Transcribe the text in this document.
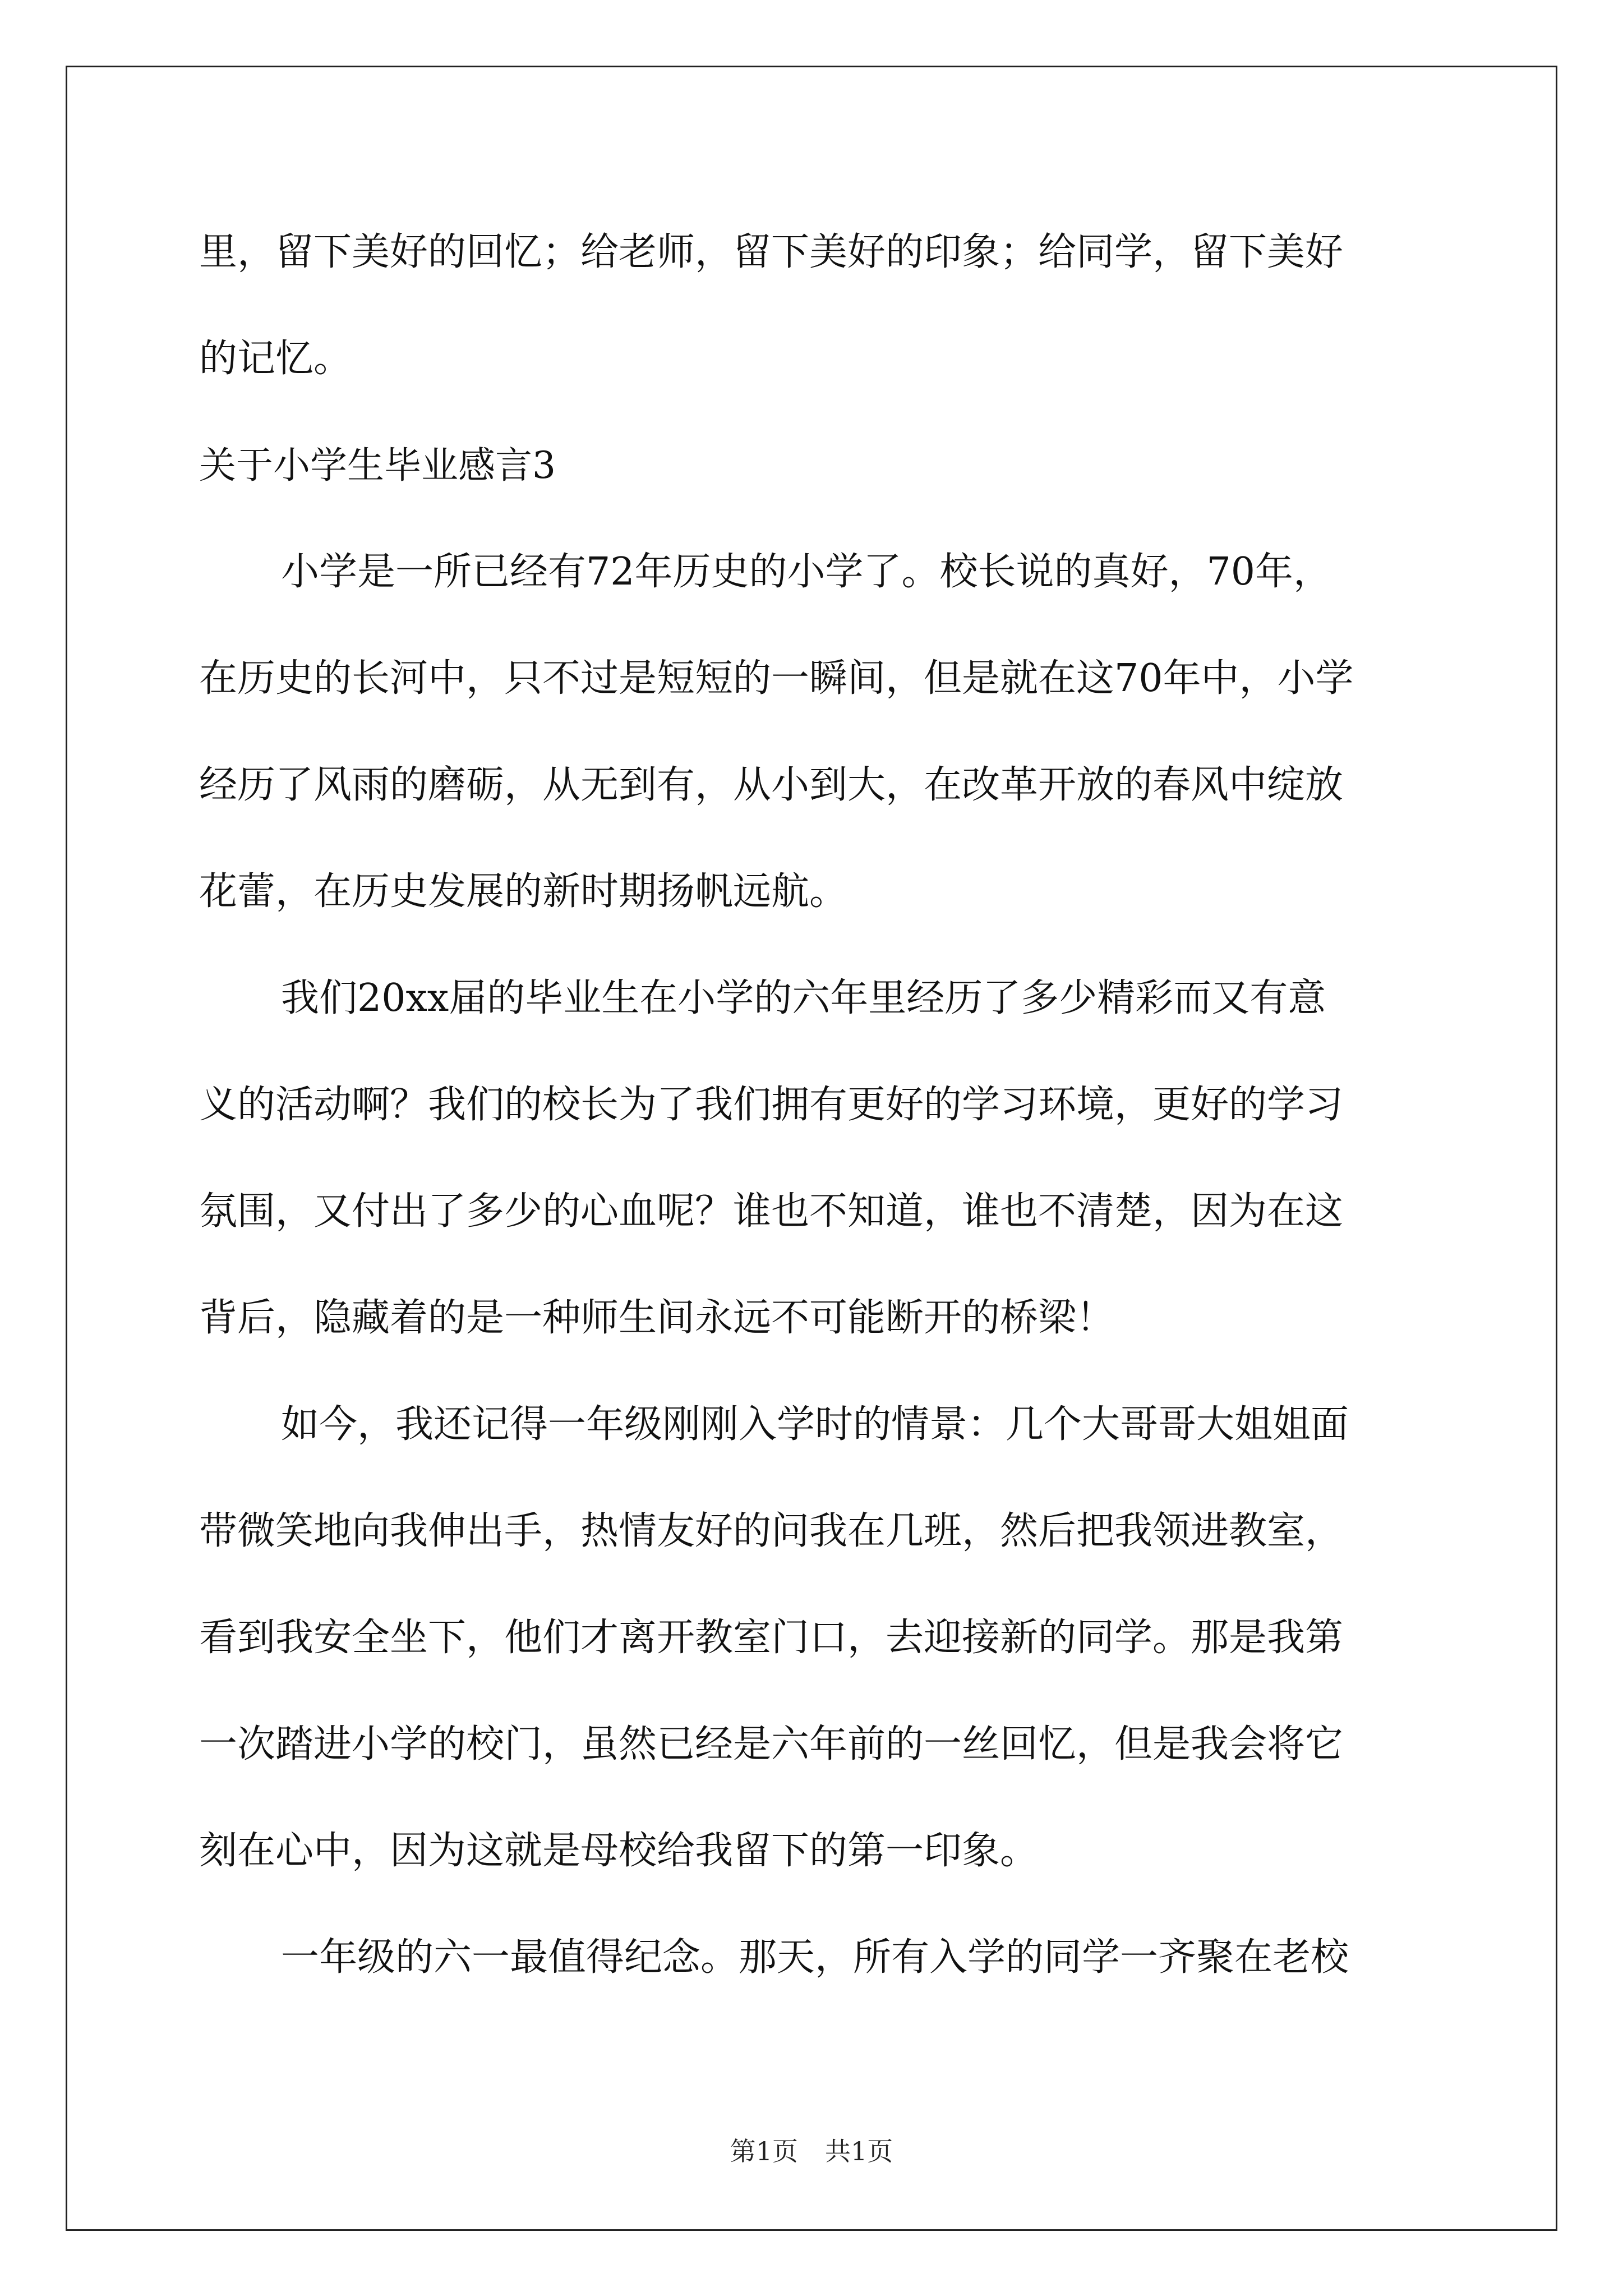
里，留下美好的回忆；给老师，留下美好的印象；给同学，留下美好
的记忆。
关于小学生毕业感言3
小学是一所已经有72年历史的小学了。校长说的真好，70年，
在历史的长河中，只不过是短短的一瞬间，但是就在这70年中，小学
经历了风雨的磨砺，从无到有，从小到大，在改革开放的春风中绽放
花蕾，在历史发展的新时期扬帆远航。
我们20xx届的毕业生在小学的六年里经历了多少精彩而又有意
义的活动啊？我们的校长为了我们拥有更好的学习环境，更好的学习
氛围，又付出了多少的心血呢？谁也不知道，谁也不清楚，因为在这
背后，隐藏着的是一种师生间永远不可能断开的桥梁！
如今，我还记得一年级刚刚入学时的情景：几个大哥哥大姐姐面
带微笑地向我伸出手，热情友好的问我在几班，然后把我领进教室，
看到我安全坐下，他们才离开教室门口，去迎接新的同学。那是我第
一次踏进小学的校门，虽然已经是六年前的一丝回忆，但是我会将它
刻在心中，因为这就是母校给我留下的第一印象。
一年级的六一最值得纪念。那天，所有入学的同学一齐聚在老校
第1页 共1页
